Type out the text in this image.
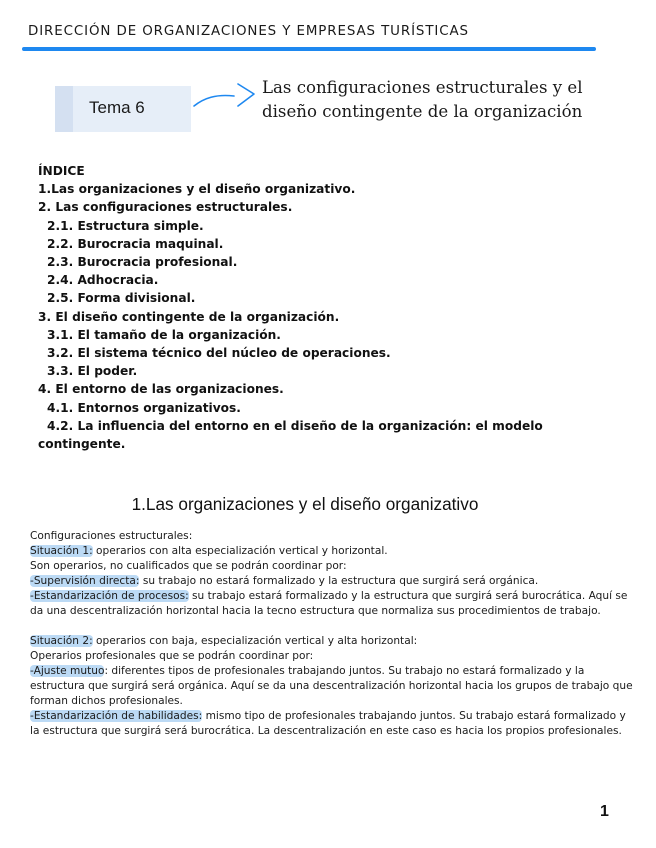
DIRECCIÓN DE ORGANIZACIONES Y EMPRESAS TURÍSTICAS
Tema 6
Las configuraciones estructurales y el
diseño contingente de la organización
ÍNDICE
1.Las organizaciones y el diseño organizativo.
2. Las configuraciones estructurales.
2.1. Estructura simple.
2.2. Burocracia maquinal.
2.3. Burocracia profesional.
2.4. Adhocracia.
2.5. Forma divisional.
3. El diseño contingente de la organización.
3.1. El tamaño de la organización.
3.2. El sistema técnico del núcleo de operaciones.
3.3. El poder.
4. El entorno de las organizaciones.
4.1. Entornos organizativos.
4.2. La influencia del entorno en el diseño de la organización: el modelo contingente.
1.Las organizaciones y el diseño organizativo

Configuraciones estructurales:

Situación 1: operarios con alta especialización vertical y horizontal.

Son operarios, no cualificados que se podrán coordinar por:

-Supervisión directa: su trabajo no estará formalizado y la estructura que surgirá será orgánica.

-Estandarización de procesos: su trabajo estará formalizado y la estructura que surgirá será burocrática. Aquí se da una descentralización horizontal hacia la tecno estructura que normaliza sus procedimientos de trabajo.

Situación 2: operarios con baja, especialización vertical y alta horizontal:

Operarios profesionales que se podrán coordinar por:

-Ajuste mutuo: diferentes tipos de profesionales trabajando juntos. Su trabajo no estará formalizado y la estructura que surgirá será orgánica. Aquí se da una descentralización horizontal hacia los grupos de trabajo que forman dichos profesionales.

-Estandarización de habilidades: mismo tipo de profesionales trabajando juntos. Su trabajo estará formalizado y la estructura que surgirá será burocrática. La descentralización en este caso es hacia los propios profesionales.

1
